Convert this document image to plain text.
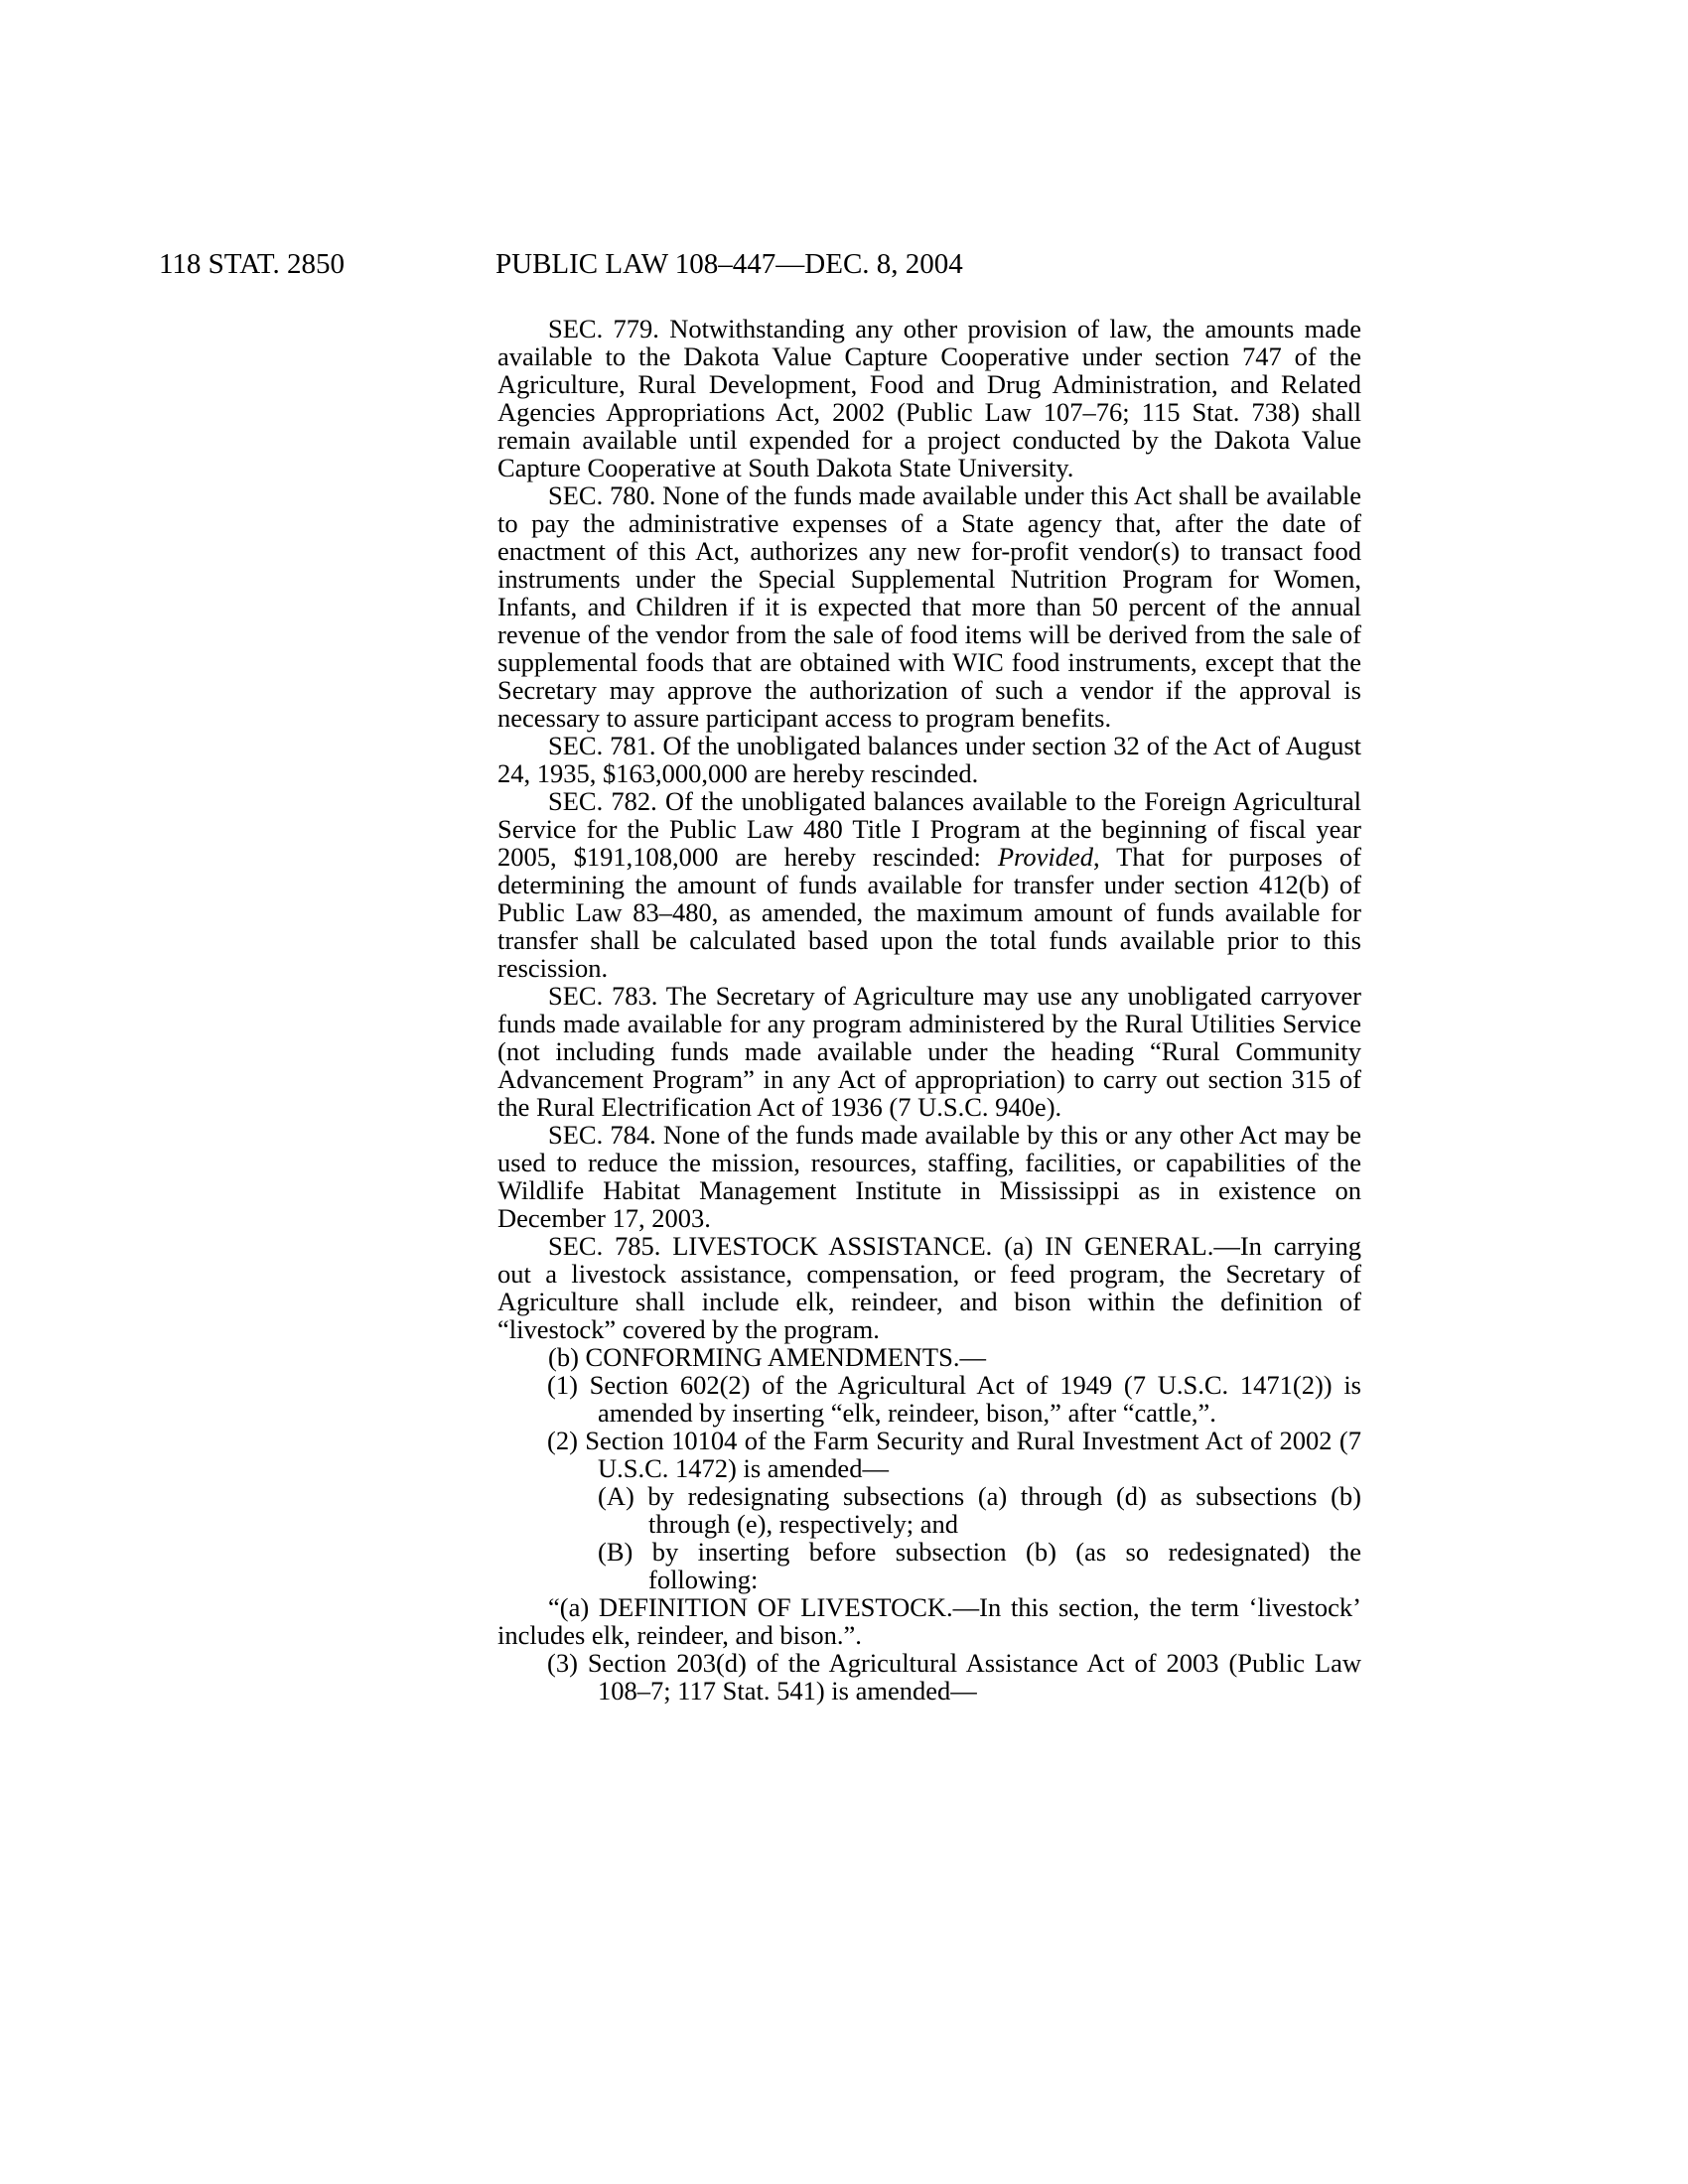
118 STAT. 2850	PUBLIC LAW 108–447—DEC. 8, 2004

SEC. 779. Notwithstanding any other provision of law, the amounts made available to the Dakota Value Capture Cooperative under section 747 of the Agriculture, Rural Development, Food and Drug Administration, and Related Agencies Appropriations Act, 2002 (Public Law 107–76; 115 Stat. 738) shall remain available until expended for a project conducted by the Dakota Value Capture Cooperative at South Dakota State University.

SEC. 780. None of the funds made available under this Act shall be available to pay the administrative expenses of a State agency that, after the date of enactment of this Act, authorizes any new for-profit vendor(s) to transact food instruments under the Special Supplemental Nutrition Program for Women, Infants, and Children if it is expected that more than 50 percent of the annual revenue of the vendor from the sale of food items will be derived from the sale of supplemental foods that are obtained with WIC food instruments, except that the Secretary may approve the authorization of such a vendor if the approval is necessary to assure participant access to program benefits.

SEC. 781. Of the unobligated balances under section 32 of the Act of August 24, 1935, $163,000,000 are hereby rescinded.

SEC. 782. Of the unobligated balances available to the Foreign Agricultural Service for the Public Law 480 Title I Program at the beginning of fiscal year 2005, $191,108,000 are hereby rescinded: Provided, That for purposes of determining the amount of funds available for transfer under section 412(b) of Public Law 83–480, as amended, the maximum amount of funds available for transfer shall be calculated based upon the total funds available prior to this rescission.

SEC. 783. The Secretary of Agriculture may use any unobligated carryover funds made available for any program administered by the Rural Utilities Service (not including funds made available under the heading “Rural Community Advancement Program” in any Act of appropriation) to carry out section 315 of the Rural Electrification Act of 1936 (7 U.S.C. 940e).

SEC. 784. None of the funds made available by this or any other Act may be used to reduce the mission, resources, staffing, facilities, or capabilities of the Wildlife Habitat Management Institute in Mississippi as in existence on December 17, 2003.

SEC. 785. LIVESTOCK ASSISTANCE. (a) IN GENERAL.—In carrying out a livestock assistance, compensation, or feed program, the Secretary of Agriculture shall include elk, reindeer, and bison within the definition of “livestock” covered by the program.

(b) CONFORMING AMENDMENTS.—

(1) Section 602(2) of the Agricultural Act of 1949 (7 U.S.C. 1471(2)) is amended by inserting “elk, reindeer, bison,” after “cattle,”.

(2) Section 10104 of the Farm Security and Rural Investment Act of 2002 (7 U.S.C. 1472) is amended—

(A) by redesignating subsections (a) through (d) as subsections (b) through (e), respectively; and

(B) by inserting before subsection (b) (as so redesignated) the following:

“(a) DEFINITION OF LIVESTOCK.—In this section, the term ‘livestock’ includes elk, reindeer, and bison.”.

(3) Section 203(d) of the Agricultural Assistance Act of 2003 (Public Law 108–7; 117 Stat. 541) is amended—
